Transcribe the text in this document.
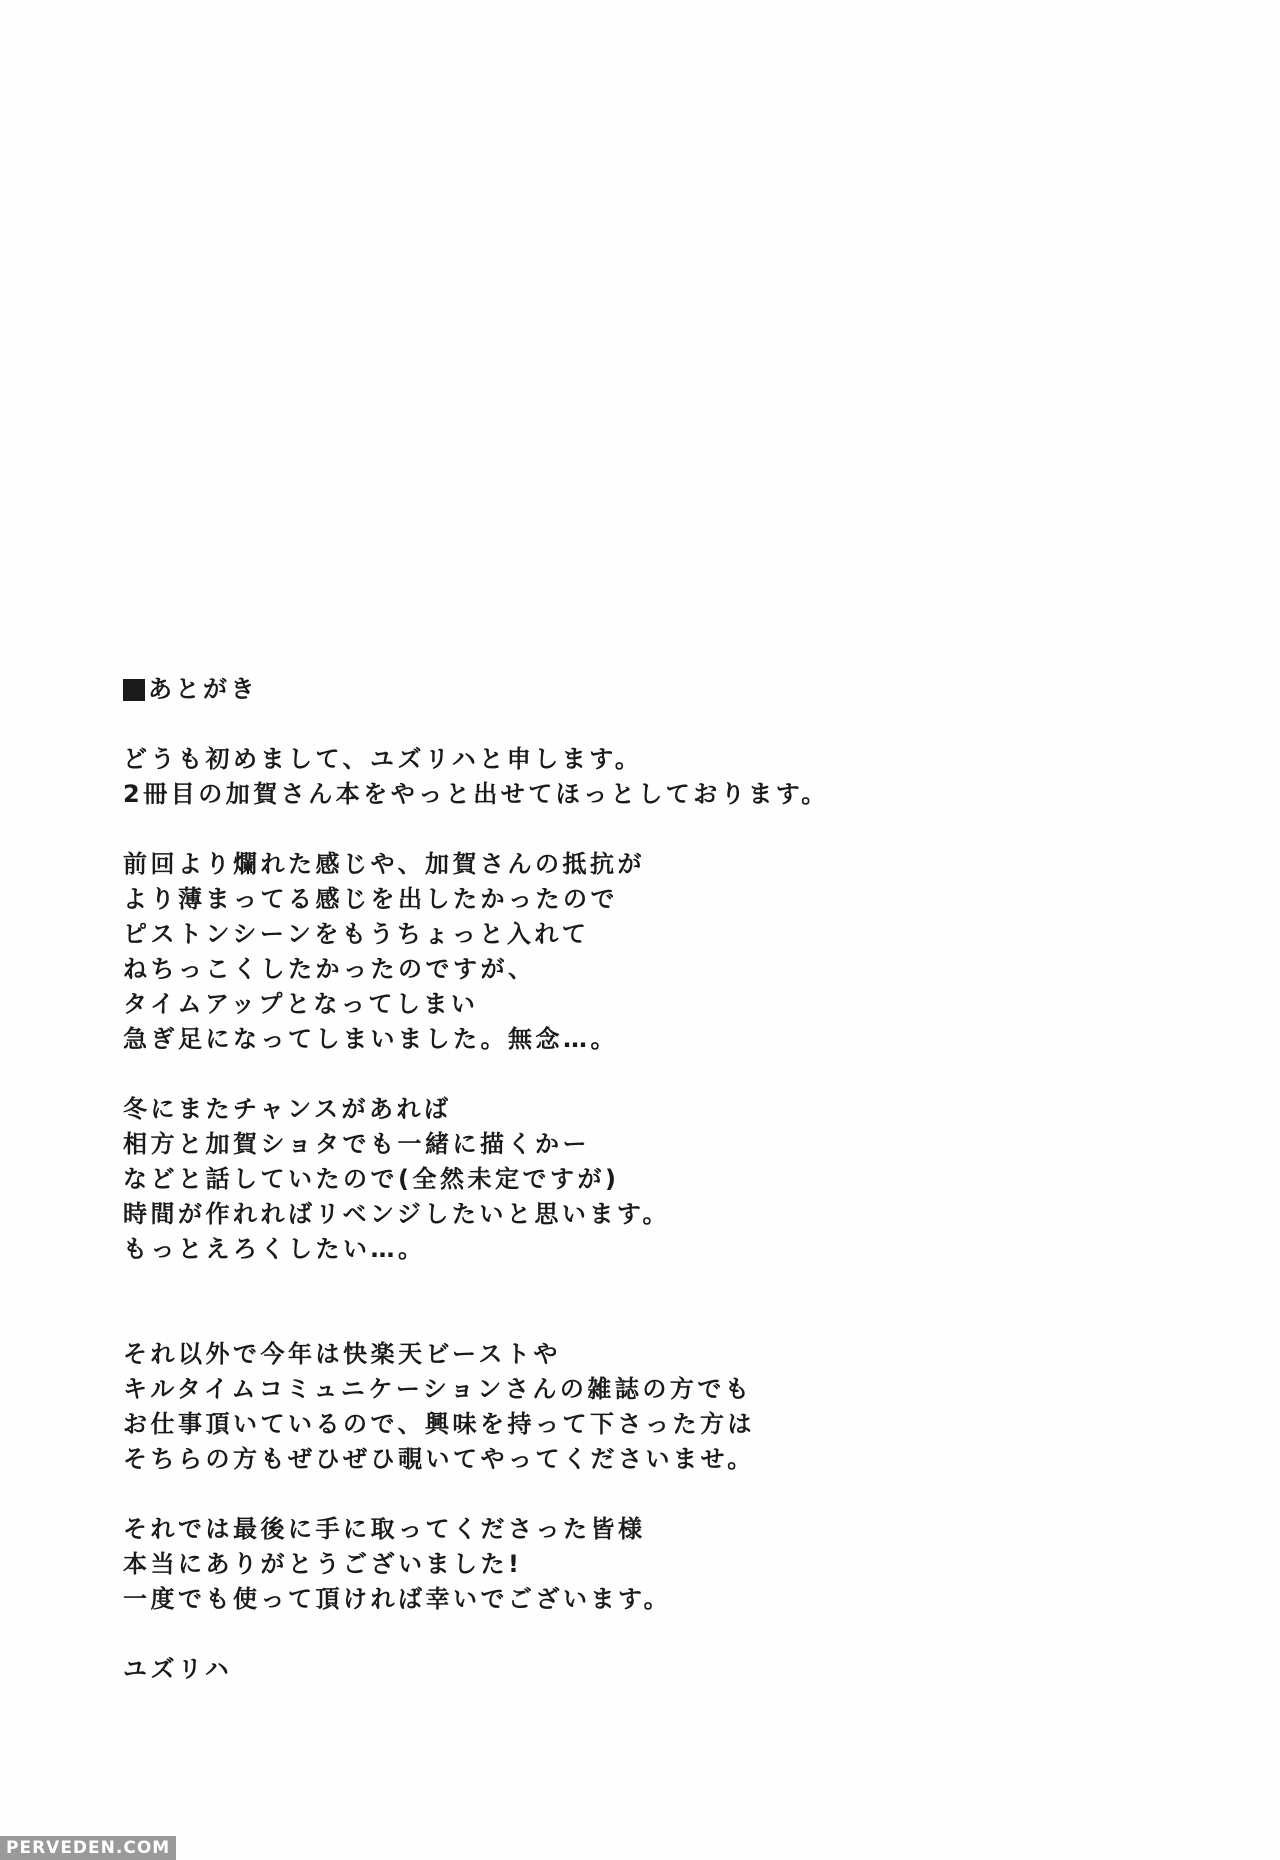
あとがき
どうも初めまして、ユズリハと申します。
2冊目の加賀さん本をやっと出せてほっとしております。
前回より爛れた感じや、加賀さんの抵抗が
より薄まってる感じを出したかったので
ピストンシーンをもうちょっと入れて
ねちっこくしたかったのですが、
タイムアップとなってしまい
急ぎ足になってしまいました。無念…。
冬にまたチャンスがあれば
相方と加賀ショタでも一緒に描くかー
などと話していたので(全然未定ですが)
時間が作れればリベンジしたいと思います。
もっとえろくしたい…。
それ以外で今年は快楽天ビーストや
キルタイムコミュニケーションさんの雑誌の方でも
お仕事頂いているので、興味を持って下さった方は
そちらの方もぜひぜひ覗いてやってくださいませ。
それでは最後に手に取ってくださった皆様
本当にありがとうございました!
一度でも使って頂ければ幸いでございます。
ユズリハ
PERVEDEN.COM
